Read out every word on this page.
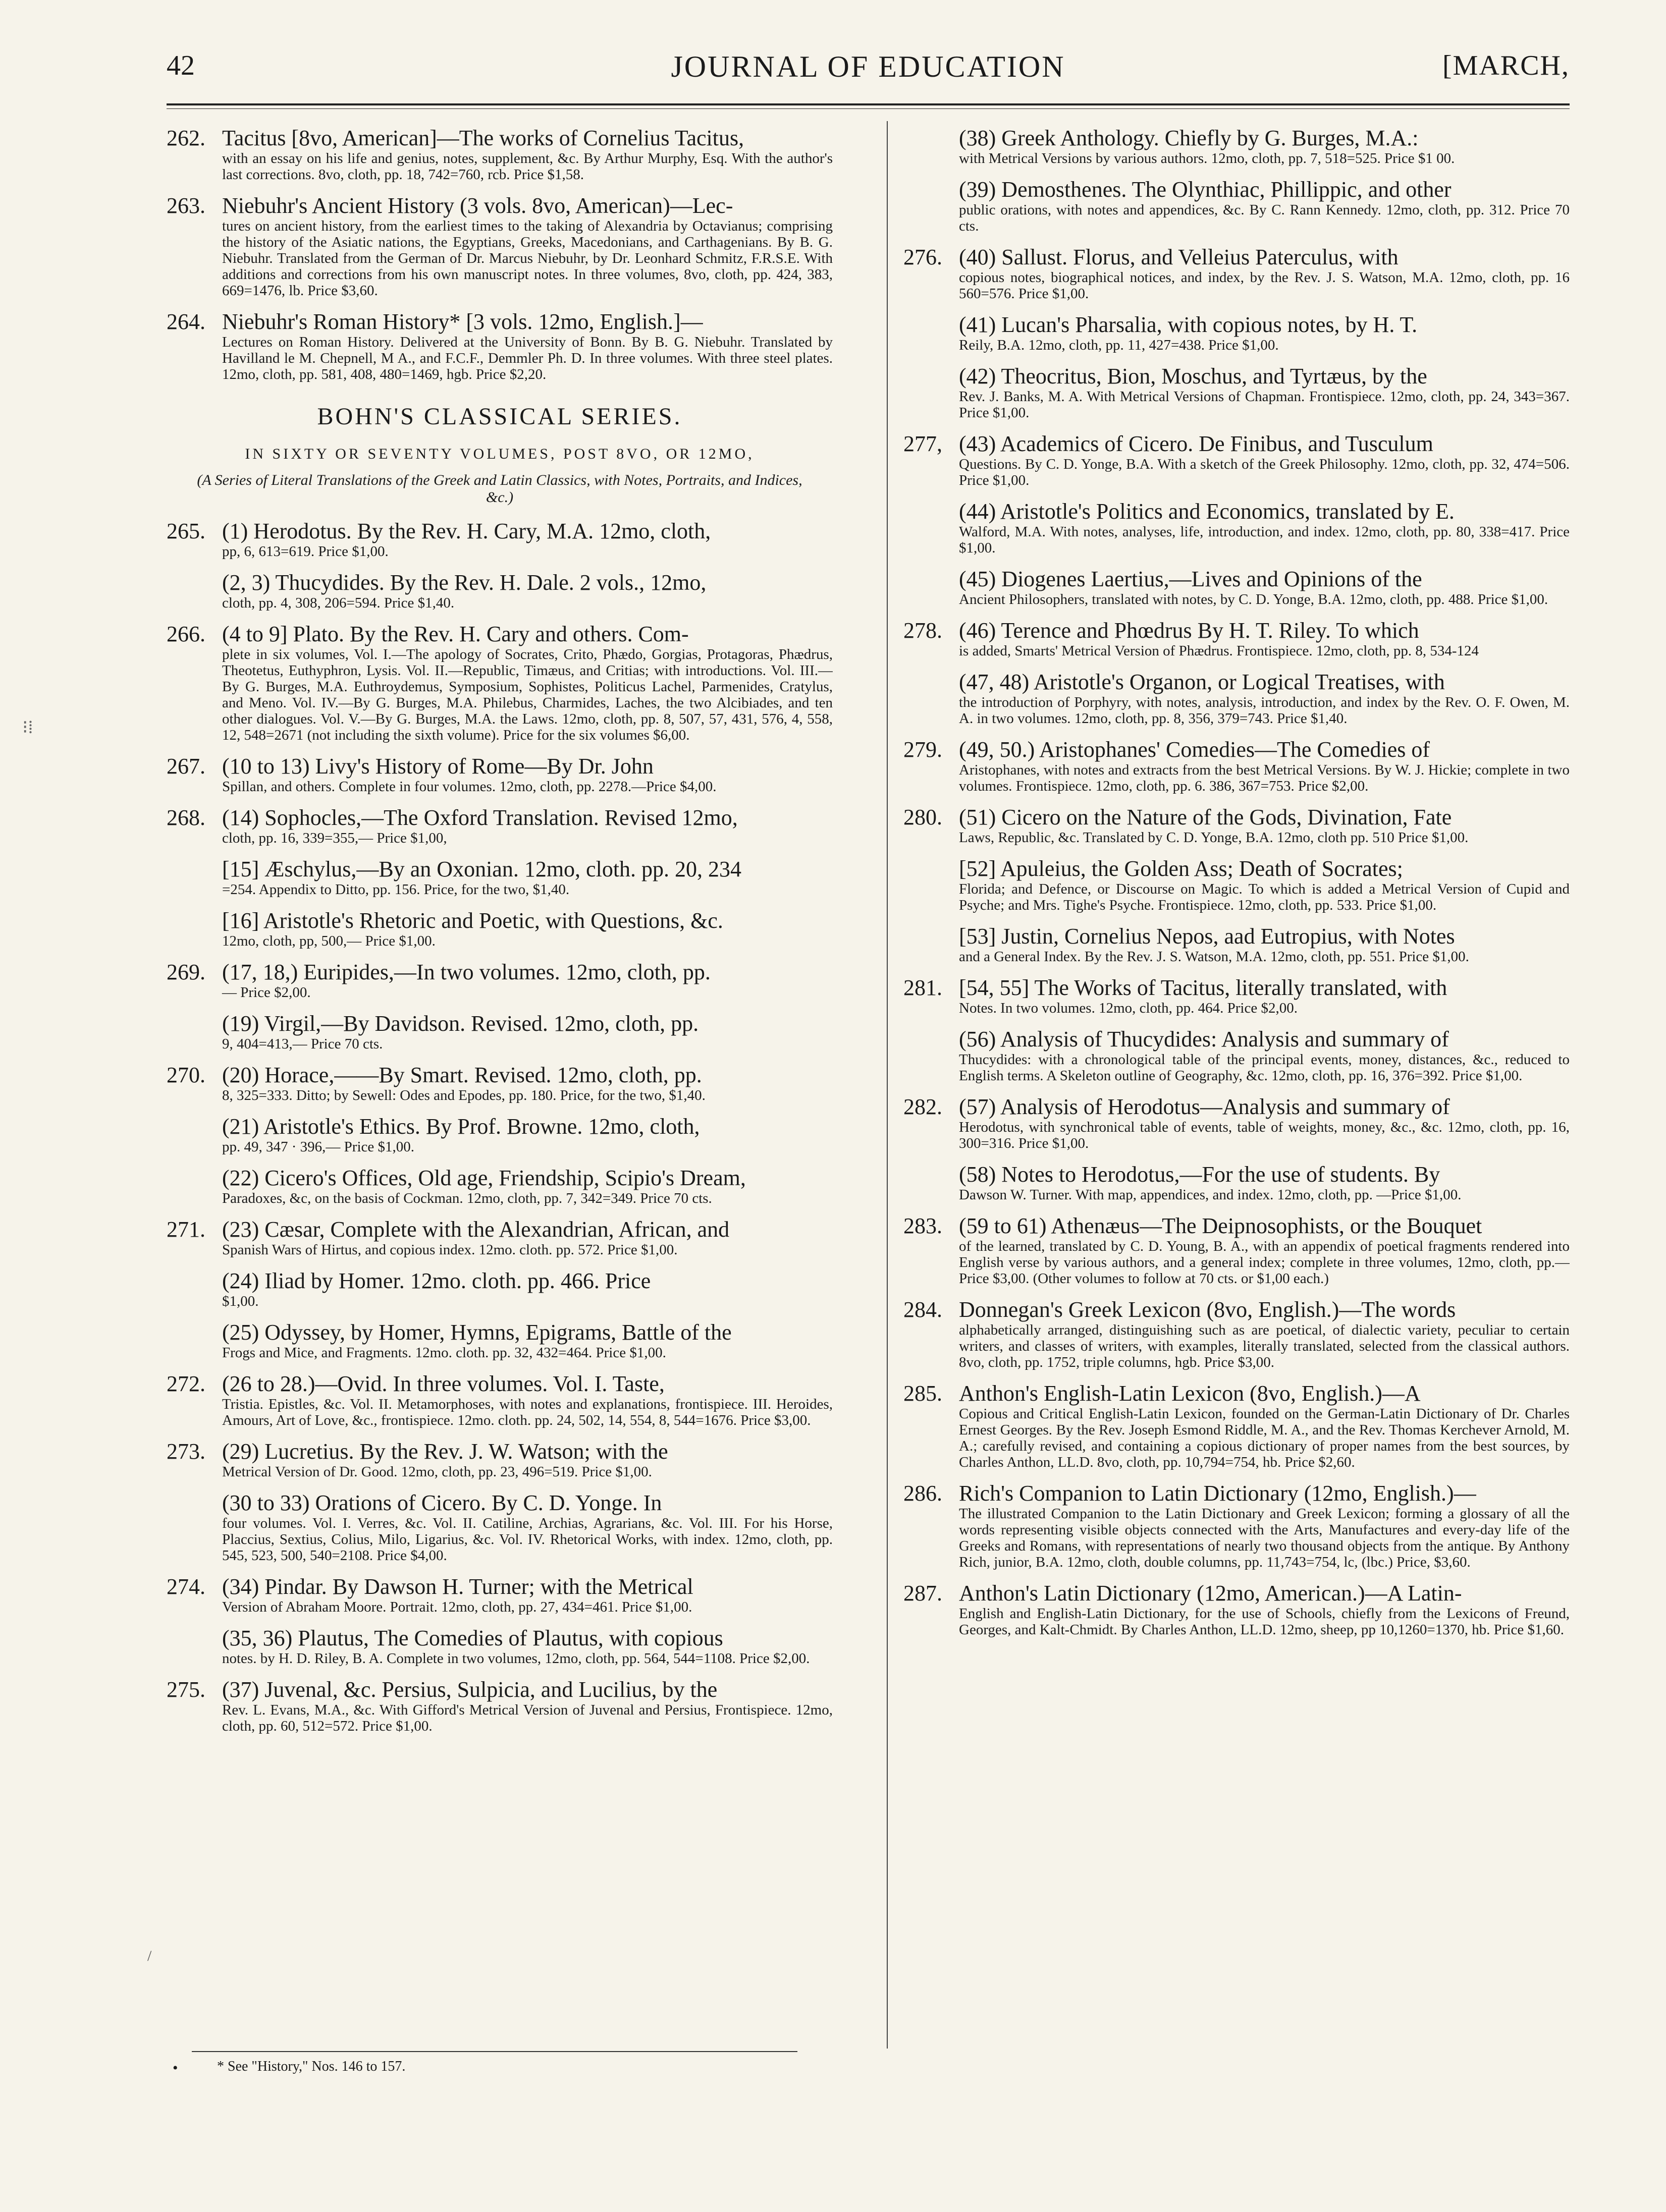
42	JOURNAL OF EDUCATION	[MARCH,
262. Tacitus [8vo, American]—The works of Cornelius Tacitus,
with an essay on his life and genius, notes, supplement, &c. By Arthur Murphy, Esq. With the author's last corrections. 8vo, cloth, pp. 18, 742=760, rcb. Price $1,58.
263. Niebuhr's Ancient History (3 vols. 8vo, American)—Lec-
tures on ancient history, from the earliest times to the taking of Alexandria by Octavianus; comprising the history of the Asiatic nations, the Egyptians, Greeks, Macedonians, and Carthagenians. By B. G. Niebuhr. Translated from the German of Dr. Marcus Niebuhr, by Dr. Leonhard Schmitz, F.R.S.E. With additions and corrections from his own manuscript notes. In three volumes, 8vo, cloth, pp. 424, 383, 669=1476, lb. Price $3,60.
264. Niebuhr's Roman History* [3 vols. 12mo, English.]—
Lectures on Roman History. Delivered at the University of Bonn. By B. G. Niebuhr. Translated by Havilland le M. Chepnell, M A., and F.C.F., Demmler Ph. D. In three volumes. With three steel plates. 12mo, cloth, pp. 581, 408, 480=1469, hgb. Price $2,20.
BOHN'S CLASSICAL SERIES.
IN SIXTY OR SEVENTY VOLUMES, POST 8VO, OR 12MO,
(A Series of Literal Translations of the Greek and Latin Classics, with Notes, Portraits, and Indices, &c.)
265. (1) Herodotus. By the Rev. H. Cary, M.A. 12mo, cloth,
pp, 6, 613=619. Price $1,00.
(2, 3) Thucydides. By the Rev. H. Dale. 2 vols., 12mo,
cloth, pp. 4, 308, 206=594. Price $1,40.
266. (4 to 9] Plato. By the Rev. H. Cary and others. Com-
plete in six volumes, Vol. I.—The apology of Socrates, Crito, Phædo, Gorgias, Protagoras, Phædrus, Theotetus, Euthyphron, Lysis. Vol. II.—Republic, Timæus, and Critias; with introductions. Vol. III.—By G. Burges, M.A. Euthroydemus, Symposium, Sophistes, Politicus Lachel, Parmenides, Cratylus, and Meno. Vol. IV.—By G. Burges, M.A. Philebus, Charmides, Laches, the two Alcibiades, and ten other dialogues. Vol. V.—By G. Burges, M.A. the Laws. 12mo, cloth, pp. 8, 507, 57, 431, 576, 4, 558, 12, 548=2671 (not including the sixth volume). Price for the six volumes $6,00.
267. (10 to 13) Livy's History of Rome—By Dr. John
Spillan, and others. Complete in four volumes. 12mo, cloth, pp. 2278.—Price $4,00.
268. (14) Sophocles,—The Oxford Translation. Revised 12mo,
cloth, pp. 16, 339=355,— Price $1,00,
[15] Æschylus,—By an Oxonian. 12mo, cloth. pp. 20, 234
=254. Appendix to Ditto, pp. 156. Price, for the two, $1,40.
[16] Aristotle's Rhetoric and Poetic, with Questions, &c.
12mo, cloth, pp, 500,— Price $1,00.
269. (17, 18,) Euripides,—In two volumes. 12mo, cloth, pp.
— Price $2,00.
(19) Virgil,—By Davidson. Revised. 12mo, cloth, pp.
9, 404=413,— Price 70 cts.
270. (20) Horace,——By Smart. Revised. 12mo, cloth, pp.
8, 325=333. Ditto; by Sewell: Odes and Epodes, pp. 180. Price, for the two, $1,40.
(21) Aristotle's Ethics. By Prof. Browne. 12mo, cloth,
pp. 49, 347 · 396,— Price $1,00.
(22) Cicero's Offices, Old age, Friendship, Scipio's Dream,
Paradoxes, &c, on the basis of Cockman. 12mo, cloth, pp. 7, 342=349. Price 70 cts.
271. (23) Cæsar, Complete with the Alexandrian, African, and
Spanish Wars of Hirtus, and copious index. 12mo. cloth. pp. 572. Price $1,00.
(24) Iliad by Homer. 12mo. cloth. pp. 466. Price
$1,00.
(25) Odyssey, by Homer, Hymns, Epigrams, Battle of the
Frogs and Mice, and Fragments. 12mo. cloth. pp. 32, 432=464. Price $1,00.
272. (26 to 28.)—Ovid. In three volumes. Vol. I. Taste,
Tristia. Epistles, &c. Vol. II. Metamorphoses, with notes and explanations, frontispiece. III. Heroides, Amours, Art of Love, &c., frontispiece. 12mo. cloth. pp. 24, 502, 14, 554, 8, 544=1676. Price $3,00.
273. (29) Lucretius. By the Rev. J. W. Watson; with the
Metrical Version of Dr. Good. 12mo, cloth, pp. 23, 496=519. Price $1,00.
(30 to 33) Orations of Cicero. By C. D. Yonge. In
four volumes. Vol. I. Verres, &c. Vol. II. Catiline, Archias, Agrarians, &c. Vol. III. For his Horse, Placcius, Sextius, Colius, Milo, Ligarius, &c. Vol. IV. Rhetorical Works, with index. 12mo, cloth, pp. 545, 523, 500, 540=2108. Price $4,00.
274. (34) Pindar. By Dawson H. Turner; with the Metrical
Version of Abraham Moore. Portrait. 12mo, cloth, pp. 27, 434=461. Price $1,00.
(35, 36) Plautus, The Comedies of Plautus, with copious
notes. by H. D. Riley, B. A. Complete in two volumes, 12mo, cloth, pp. 564, 544=1108. Price $2,00.
275. (37) Juvenal, &c. Persius, Sulpicia, and Lucilius, by the
Rev. L. Evans, M.A., &c. With Gifford's Metrical Version of Juvenal and Persius, Frontispiece. 12mo, cloth, pp. 60, 512=572. Price $1,00.
(38) Greek Anthology. Chiefly by G. Burges, M.A.:
with Metrical Versions by various authors. 12mo, cloth, pp. 7, 518=525. Price $1 00.
(39) Demosthenes. The Olynthiac, Phillippic, and other
public orations, with notes and appendices, &c. By C. Rann Kennedy. 12mo, cloth, pp. 312. Price 70 cts.
276. (40) Sallust. Florus, and Velleius Paterculus, with
copious notes, biographical notices, and index, by the Rev. J. S. Watson, M.A. 12mo, cloth, pp. 16 560=576. Price $1,00.
(41) Lucan's Pharsalia, with copious notes, by H. T.
Reily, B.A. 12mo, cloth, pp. 11, 427=438. Price $1,00.
(42) Theocritus, Bion, Moschus, and Tyrtæus, by the
Rev. J. Banks, M. A. With Metrical Versions of Chapman. Frontispiece. 12mo, cloth, pp. 24, 343=367. Price $1,00.
277, (43) Academics of Cicero. De Finibus, and Tusculum
Questions. By C. D. Yonge, B.A. With a sketch of the Greek Philosophy. 12mo, cloth, pp. 32, 474=506. Price $1,00.
(44) Aristotle's Politics and Economics, translated by E.
Walford, M.A. With notes, analyses, life, introduction, and index. 12mo, cloth, pp. 80, 338=417. Price $1,00.
(45) Diogenes Laertius,—Lives and Opinions of the
Ancient Philosophers, translated with notes, by C. D. Yonge, B.A. 12mo, cloth, pp. 488. Price $1,00.
278. (46) Terence and Phœdrus By H. T. Riley. To which
is added, Smarts' Metrical Version of Phædrus. Frontispiece. 12mo, cloth, pp. 8, 534-124
(47, 48) Aristotle's Organon, or Logical Treatises, with
the introduction of Porphyry, with notes, analysis, introduction, and index by the Rev. O. F. Owen, M. A. in two volumes. 12mo, cloth, pp. 8, 356, 379=743. Price $1,40.
279. (49, 50.) Aristophanes' Comedies—The Comedies of
Aristophanes, with notes and extracts from the best Metrical Versions. By W. J. Hickie; complete in two volumes. Frontispiece. 12mo, cloth, pp. 6. 386, 367=753. Price $2,00.
280. (51) Cicero on the Nature of the Gods, Divination, Fate
Laws, Republic, &c. Translated by C. D. Yonge, B.A. 12mo, cloth pp. 510 Price $1,00.
[52] Apuleius, the Golden Ass; Death of Socrates;
Florida; and Defence, or Discourse on Magic. To which is added a Metrical Version of Cupid and Psyche; and Mrs. Tighe's Psyche. Frontispiece. 12mo, cloth, pp. 533. Price $1,00.
[53] Justin, Cornelius Nepos, aad Eutropius, with Notes
and a General Index. By the Rev. J. S. Watson, M.A. 12mo, cloth, pp. 551. Price $1,00.
281. [54, 55] The Works of Tacitus, literally translated, with
Notes. In two volumes. 12mo, cloth, pp. 464. Price $2,00.
(56) Analysis of Thucydides: Analysis and summary of
Thucydides: with a chronological table of the principal events, money, distances, &c., reduced to English terms. A Skeleton outline of Geography, &c. 12mo, cloth, pp. 16, 376=392. Price $1,00.
282. (57) Analysis of Herodotus—Analysis and summary of
Herodotus, with synchronical table of events, table of weights, money, &c., &c. 12mo, cloth, pp. 16, 300=316. Price $1,00.
(58) Notes to Herodotus,—For the use of students. By
Dawson W. Turner. With map, appendices, and index. 12mo, cloth, pp. —Price $1,00.
283. (59 to 61) Athenæus—The Deipnosophists, or the Bouquet
of the learned, translated by C. D. Young, B. A., with an appendix of poetical fragments rendered into English verse by various authors, and a general index; complete in three volumes, 12mo, cloth, pp.—Price $3,00. (Other volumes to follow at 70 cts. or $1,00 each.)
284. Donnegan's Greek Lexicon (8vo, English.)—The words
alphabetically arranged, distinguishing such as are poetical, of dialectic variety, peculiar to certain writers, and classes of writers, with examples, literally translated, selected from the classical authors. 8vo, cloth, pp. 1752, triple columns, hgb. Price $3,00.
285. Anthon's English-Latin Lexicon (8vo, English.)—A
Copious and Critical English-Latin Lexicon, founded on the German-Latin Dictionary of Dr. Charles Ernest Georges. By the Rev. Joseph Esmond Riddle, M. A., and the Rev. Thomas Kerchever Arnold, M. A.; carefully revised, and containing a copious dictionary of proper names from the best sources, by Charles Anthon, LL.D. 8vo, cloth, pp. 10,794=754, hb. Price $2,60.
286. Rich's Companion to Latin Dictionary (12mo, English.)—
The illustrated Companion to the Latin Dictionary and Greek Lexicon; forming a glossary of all the words representing visible objects connected with the Arts, Manufactures and every-day life of the Greeks and Romans, with representations of nearly two thousand objects from the antique. By Anthony Rich, junior, B.A. 12mo, cloth, double columns, pp. 11,743=754, lc, (lbc.) Price, $3,60.
287. Anthon's Latin Dictionary (12mo, American.)—A Latin-
English and English-Latin Dictionary, for the use of Schools, chiefly from the Lexicons of Freund, Georges, and Kalt-Chmidt. By Charles Anthon, LL.D. 12mo, sheep, pp 10,1260=1370, hb. Price $1,60.
⁝⁞
/
•	* See "History," Nos. 146 to 157.
